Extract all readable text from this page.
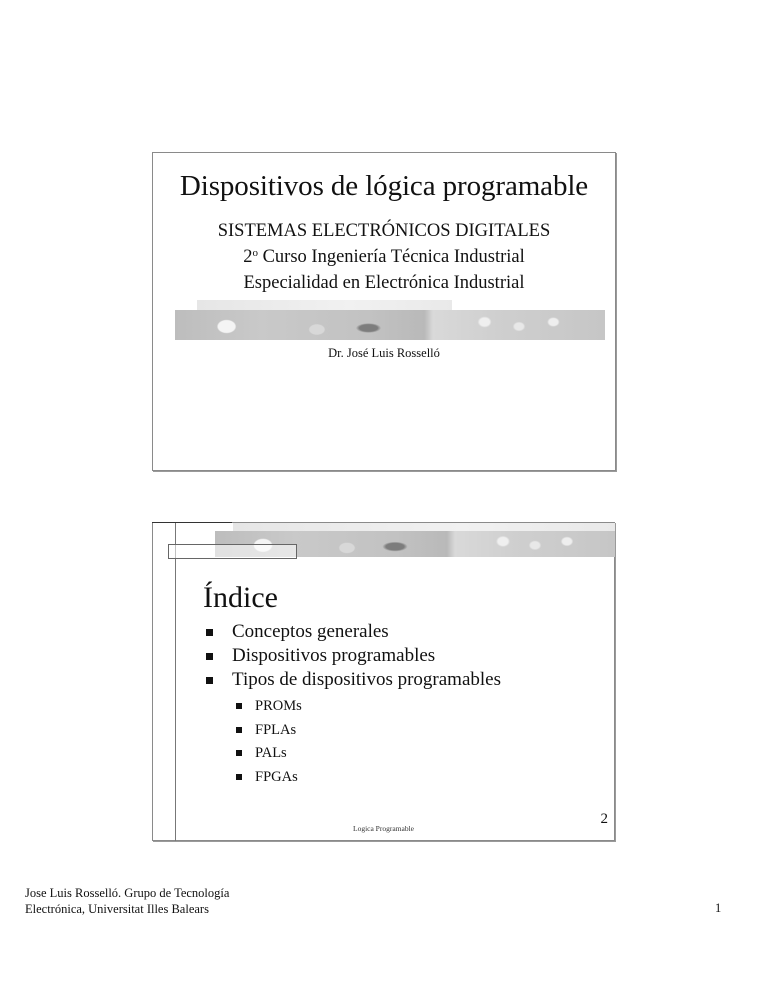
Dispositivos de lógica programable
SISTEMAS ELECTRÓNICOS DIGITALES
2$^o$ Curso Ingeniería Técnica Industrial
Especialidad en Electrónica Industrial
Dr. José Luis Rosselló
Índice
Conceptos generales
Dispositivos programables
Tipos de dispositivos programables
PROMs
FPLAs
PALs
FPGAs
Logica Programable
2
Jose Luis Rosselló. Grupo de Tecnología
Electrónica, Universitat Illes Balears	1
